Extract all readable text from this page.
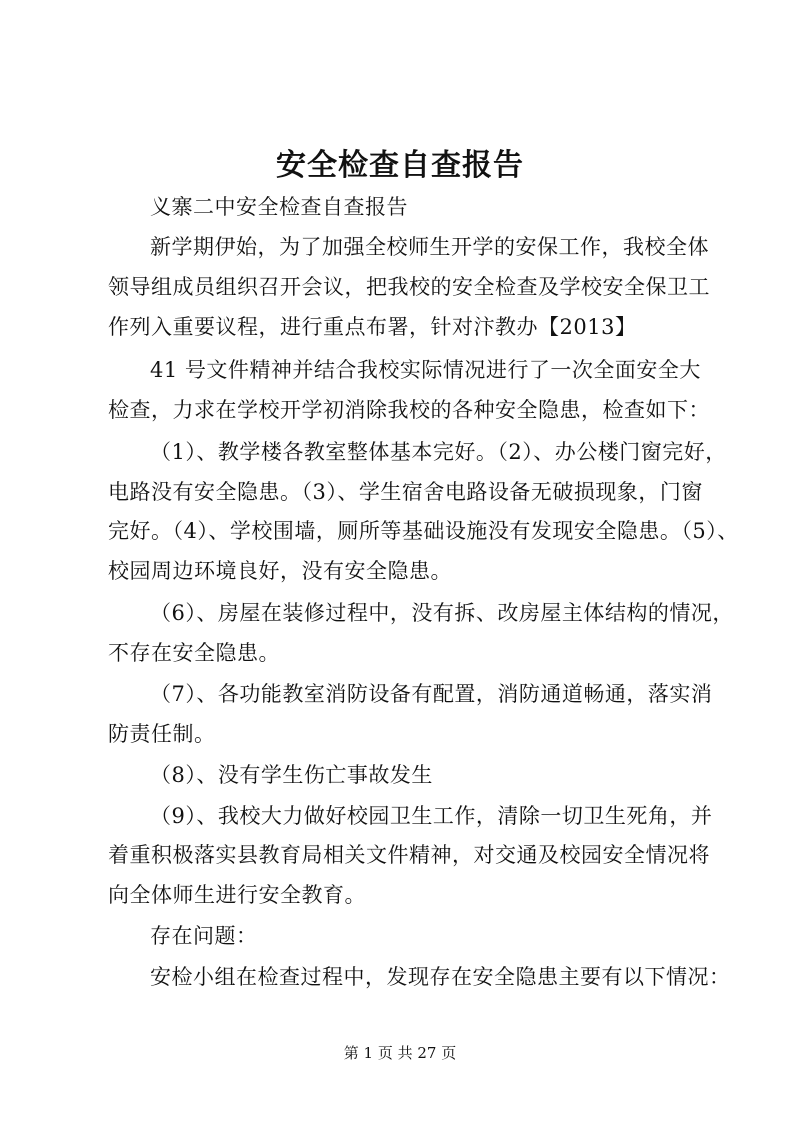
安全检查自查报告

义寨二中安全检查自查报告

新学期伊始，为了加强全校师生开学的安保工作，我校全体

领导组成员组织召开会议，把我校的安全检查及学校安全保卫工

作列入重要议程，进行重点布署，针对汴教办【2013】

41 号文件精神并结合我校实际情况进行了一次全面安全大

检查，力求在学校开学初消除我校的各种安全隐患，检查如下：

（1）、教学楼各教室整体基本完好。（2）、办公楼门窗完好，

电路没有安全隐患。（3）、学生宿舍电路设备无破损现象，门窗

完好。（4）、学校围墙，厕所等基础设施没有发现安全隐患。（5）、

校园周边环境良好，没有安全隐患。

（6）、房屋在装修过程中，没有拆、改房屋主体结构的情况，

不存在安全隐患。

（7）、各功能教室消防设备有配置，消防通道畅通，落实消

防责任制。

（8）、没有学生伤亡事故发生

（9）、我校大力做好校园卫生工作，清除一切卫生死角，并

着重积极落实县教育局相关文件精神，对交通及校园安全情况将

向全体师生进行安全教育。

存在问题：

安检小组在检查过程中，发现存在安全隐患主要有以下情况：

第 1 页 共 27 页
